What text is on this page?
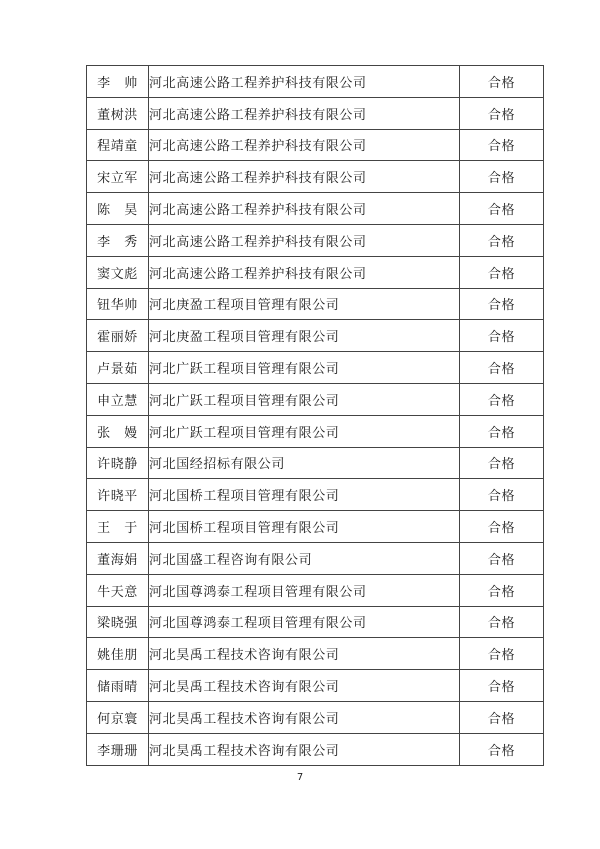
李　帅	河北高速公路工程养护科技有限公司	合格
董树洪	河北高速公路工程养护科技有限公司	合格
程靖童	河北高速公路工程养护科技有限公司	合格
宋立军	河北高速公路工程养护科技有限公司	合格
陈　昊	河北高速公路工程养护科技有限公司	合格
李　秀	河北高速公路工程养护科技有限公司	合格
窦文彪	河北高速公路工程养护科技有限公司	合格
钮华帅	河北庚盈工程项目管理有限公司	合格
霍丽娇	河北庚盈工程项目管理有限公司	合格
卢景茹	河北广跃工程项目管理有限公司	合格
申立慧	河北广跃工程项目管理有限公司	合格
张　嫚	河北广跃工程项目管理有限公司	合格
许晓静	河北国经招标有限公司	合格
许晓平	河北国桥工程项目管理有限公司	合格
王　于	河北国桥工程项目管理有限公司	合格
董海娟	河北国盛工程咨询有限公司	合格
牛天意	河北国尊鸿泰工程项目管理有限公司	合格
梁晓强	河北国尊鸿泰工程项目管理有限公司	合格
姚佳朋	河北昊禹工程技术咨询有限公司	合格
储雨晴	河北昊禹工程技术咨询有限公司	合格
何京寰	河北昊禹工程技术咨询有限公司	合格
李珊珊	河北昊禹工程技术咨询有限公司	合格
7
